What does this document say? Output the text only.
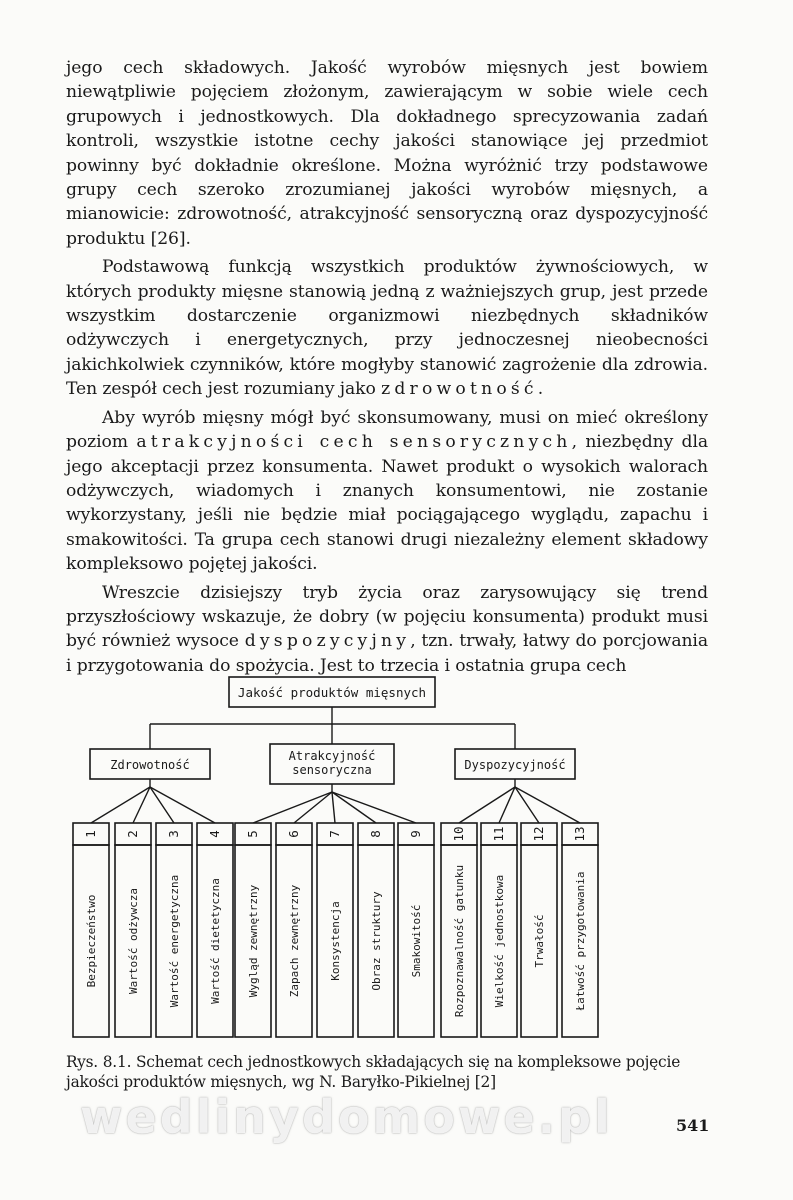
jego cech składowych. Jakość wyrobów mięsnych jest bowiem niewątpliwie pojęciem złożonym, zawierającym w sobie wiele cech grupowych i jednostkowych. Dla dokładnego sprecyzowania zadań kontroli, wszystkie istotne cechy jakości stanowiące jej przedmiot powinny być dokładnie określone. Można wyróżnić trzy podstawowe grupy cech szeroko zrozumianej jakości wyrobów mięsnych, a mianowicie: zdrowotność, atrakcyjność sensoryczną oraz dyspozycyjność produktu [26].

Podstawową funkcją wszystkich produktów żywnościowych, w których produkty mięsne stanowią jedną z ważniejszych grup, jest przede wszystkim dostarczenie organizmowi niezbędnych składników odżywczych i energetycznych, przy jednoczesnej nieobecności jakichkolwiek czynników, które mogłyby stanowić zagrożenie dla zdrowia. Ten zespół cech jest rozumiany jako zdrowotność.

Aby wyrób mięsny mógł być skonsumowany, musi on mieć określony poziom atrakcyjności cech sensorycznych, niezbędny dla jego akceptacji przez konsumenta. Nawet produkt o wysokich walorach odżywczych, wiadomych i znanych konsumentowi, nie zostanie wykorzystany, jeśli nie będzie miał pociągającego wyglądu, zapachu i smakowitości. Ta grupa cech stanowi drugi niezależny element składowy kompleksowo pojętej jakości.

Wreszcie dzisiejszy tryb życia oraz zarysowujący się trend przyszłościowy wskazuje, że dobry (w pojęciu konsumenta) produkt musi być również wysoce dyspozycyjny, tzn. trwały, łatwy do porcjowania i przygotowania do spożycia. Jest to trzecia i ostatnia grupa cech

Jakość produktów mięsnych
Zdrowotność
Atrakcyjność
sensoryczna	Dyspozycyjność
1
Bezpieczeństwo
2
Wartość odżywcza
3
Wartość energetyczna
4
Wartość dietetyczna
5
Wygląd zewnętrzny
6
Zapach zewnętrzny
7
Konsystencja
8
Obraz struktury
9
Smakowitość
10
Rozpoznawalność gatunku
11
Wielkość jednostkowa
12
Trwałość
13
Łatwość przygotowania
Rys. 8.1. Schemat cech jednostkowych składających się na kompleksowe pojęcie
jakości produktów mięsnych, wg N. Baryłko-Pikielnej [2]
wedlinydomowe.pl	541
